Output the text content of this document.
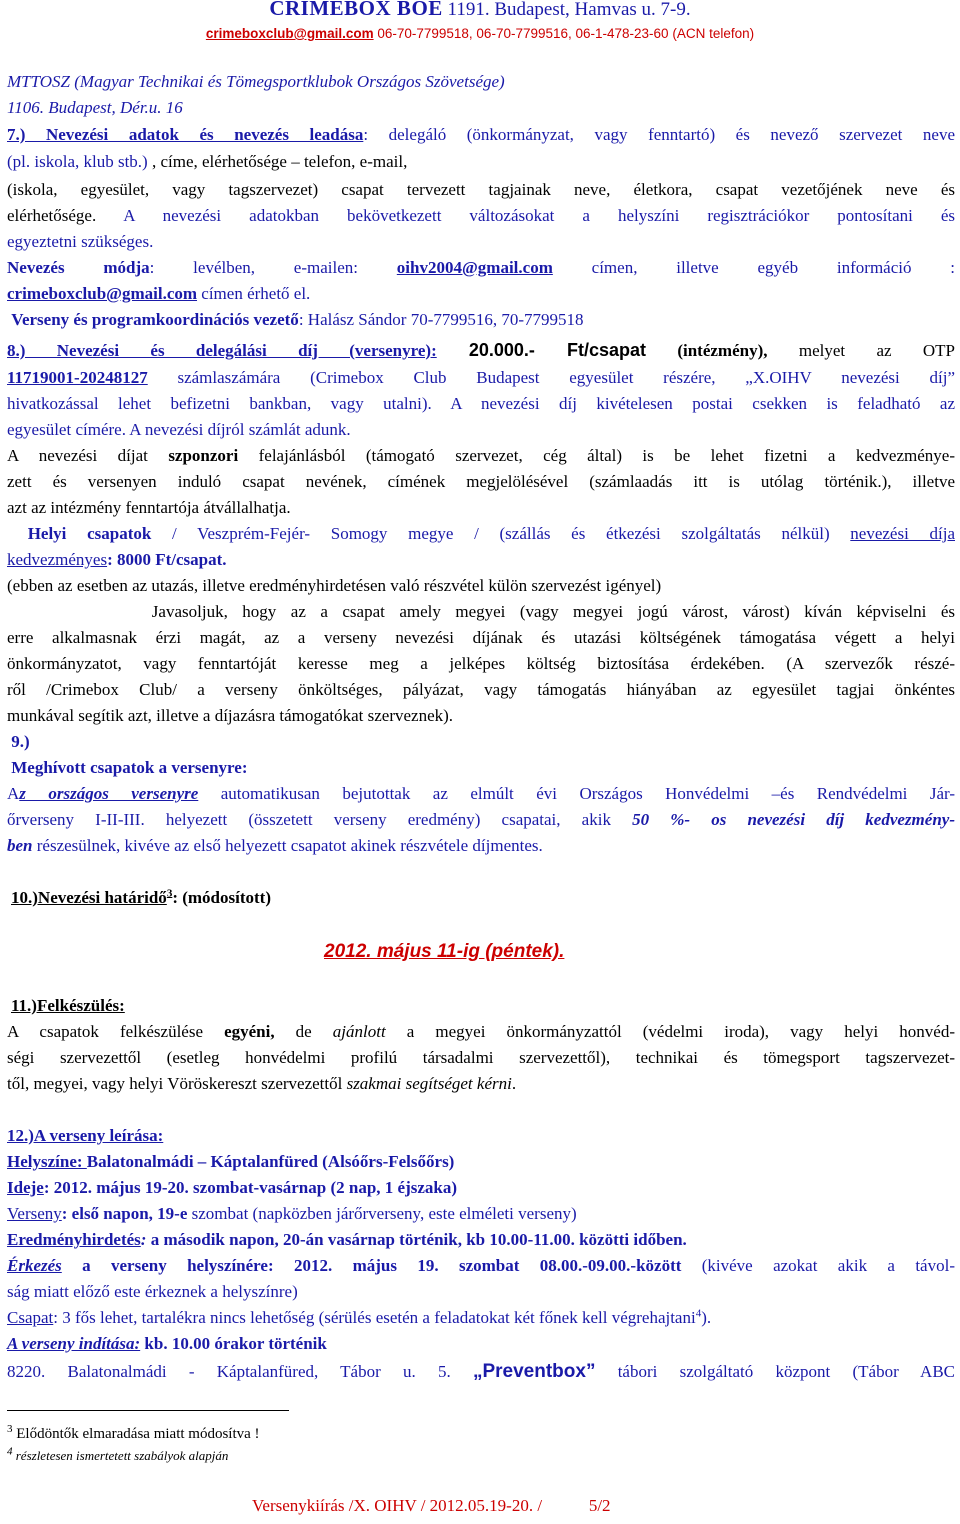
CRIMEBOX BOE 1191. Budapest, Hamvas u. 7-9.
crimeboxclub@gmail.com 06-70-7799518, 06-70-7799516, 06-1-478-23-60 (ACN telefon)
MTTOSZ (Magyar Technikai és Tömegsportklubok Országos Szövetsége)
1106. Budapest, Dér.u. 16
7.) Nevezési adatok és nevezés leadása: delegáló (önkormányzat, vagy fenntartó) és nevező szervezet neve
(pl. iskola, klub stb.) , címe, elérhetősége – telefon, e-mail,
(iskola, egyesület, vagy tagszervezet) csapat tervezett tagjainak neve, életkora, csapat vezetőjének neve és
elérhetősége. A nevezési adatokban bekövetkezett változásokat a helyszíni regisztrációkor pontosítani és
egyeztetni szükséges.
Nevezés módja: levélben, e-mailen: oihv2004@gmail.com címen, illetve egyéb információ :
crimeboxclub@gmail.com címen érhető el.
Verseny és programkoordinációs vezető: Halász Sándor 70-7799516, 70-7799518
8.) Nevezési és delegálási díj (versenyre): 20.000.- Ft/csapat (intézmény), melyet az OTP
11719001-20248127 számlaszámára (Crimebox Club Budapest egyesület részére, „X.OIHV nevezési díj”
hivatkozással lehet befizetni bankban, vagy utalni). A nevezési díj kivételesen postai csekken is feladható az
egyesület címére. A nevezési díjról számlát adunk.
A nevezési díjat szponzori felajánlásból (támogató szervezet, cég által) is be lehet fizetni a kedvezménye-
zett és versenyen induló csapat nevének, címének megjelölésével (számlaadás itt is utólag történik.), illetve
azt az intézmény fenntartója átvállalhatja.
Helyi csapatok / Veszprém-Fejér- Somogy megye / (szállás és étkezési szolgáltatás nélkül) nevezési díja
kedvezményes: 8000 Ft/csapat.
(ebben az esetben az utazás, illetve eredményhirdetésen való részvétel külön szervezést igényel)
Javasoljuk, hogy az a csapat amely megyei (vagy megyei jogú várost, várost) kíván képviselni és
erre alkalmasnak érzi magát, az a verseny nevezési díjának és utazási költségének támogatása végett a helyi
önkormányzatot, vagy fenntartóját keresse meg a jelképes költség biztosítása érdekében. (A szervezők részé-
ről /Crimebox Club/ a verseny önköltséges, pályázat, vagy támogatás hiányában az egyesület tagjai önkéntes
munkával segítik azt, illetve a díjazásra támogatókat szerveznek).
9.)
Meghívott csapatok a versenyre:
Az országos versenyre automatikusan bejutottak az elmúlt évi Országos Honvédelmi –és Rendvédelmi Jár-
őrverseny I-II-III. helyezett (összetett verseny eredmény) csapatai, akik 50 %- os nevezési díj kedvezmény-
ben részesülnek, kivéve az első helyezett csapatot akinek részvétele díjmentes.
10.)Nevezési határidő$^3$: (módosított)
2012. május 11-ig (péntek).
11.)Felkészülés:
A csapatok felkészülése egyéni, de ajánlott a megyei önkormányzattól (védelmi iroda), vagy helyi honvéd-
ségi szervezettől (esetleg honvédelmi profilú társadalmi szervezettől), technikai és tömegsport tagszervezet-
től, megyei, vagy helyi Vöröskereszt szervezettől szakmai segítséget kérni.
12.)A verseny leírása:
Helyszíne: Balatonalmádi – Káptalanfüred (Alsóőrs-Felsőőrs)
Ideje: 2012. május 19-20. szombat-vasárnap (2 nap, 1 éjszaka)
Verseny: első napon, 19-e szombat (napközben járőrverseny, este elméleti verseny)
Eredményhirdetés: a második napon, 20-án vasárnap történik, kb 10.00-11.00. közötti időben.
Érkezés a verseny helyszínére: 2012. május 19. szombat 08.00.-09.00.-között (kivéve azokat akik a távol-
ság miatt előző este érkeznek a helyszínre)
Csapat: 3 fős lehet, tartalékra nincs lehetőség (sérülés esetén a feladatokat két főnek kell végrehajtani$^4$).
A verseny indítása: kb. 10.00 órakor történik
8220. Balatonalmádi - Káptalanfüred, Tábor u. 5. „Preventbox” tábori szolgáltató központ (Tábor ABC
$^3$ Elődöntők elmaradása miatt módosítva !
$^4$ részletesen ismertetett szabályok alapján
Versenykiírás /X. OIHV / 2012.05.19-20. /           5/2
